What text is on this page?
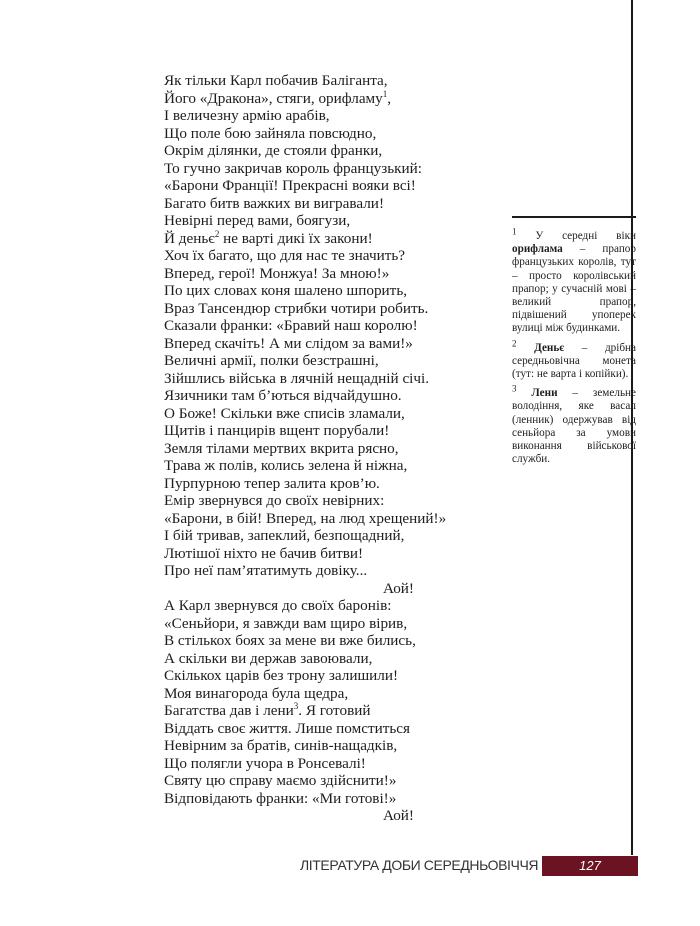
Як тільки Карл побачив Балiганта,
Його «Дракона», стяги, орифламу$^1$,
І величезну армію арабів,
Що поле бою зайняла повсюдно,
Окрім ділянки, де стояли франки,
То гучно закричав король французький:
«Барони Франції! Прекрасні вояки всі!
Багато битв важких ви вигравали!
Невірні перед вами, боягузи,
Й деньє$^2$ не варті дикі їх закони!
Хоч їх багато, що для нас те значить?
Вперед, герої! Монжуа! За мною!»
По цих словах коня шалено шпорить,
Враз Тансендюр стрибки чотири робить.
Сказали франки: «Бравий наш королю!
Вперед скачіть! А ми слідом за вами!»
Величні армії, полки безстрашні,
Зійшлись війська в лячній нещадній січі.
Язичники там б’ються відчайдушно.
О Боже! Скільки вже списів зламали,
Щитів і панцирів вщент порубали!
Земля тілами мертвих вкрита рясно,
Трава ж полів, колись зелена й ніжна,
Пурпурною тепер залита кров’ю.
Емір звернувся до своїх невірних:
«Барони, в бій! Вперед, на люд хрещений!»
І бій тривав, запеклий, безпощадний,
Лютішої ніхто не бачив битви!
Про неї пам’ятатимуть довіку...
Аой!
А Карл звернувся до своїх баронів:
«Сеньйори, я завжди вам щиро вірив,
В стількох боях за мене ви вже бились,
А скільки ви держав завоювали,
Скількох царів без трону залишили!
Моя винагорода була щедра,
Багатства дав і лени$^3$. Я готовий
Віддать своє життя. Лише помститься
Невірним за братів, синів-нащадків,
Що полягли учора в Ронсевалі!
Святу цю справу маємо здійснити!»
Відповідають франки: «Ми готові!»
Аой!
$^1$ У середні віки орифлама – прапор французьких королів, тут – просто королівський прапор; у сучасній мові – великий прапор, підвішений упоперек вулиці між будинками.
$^2$ Деньє – дрібна середньовічна монета (тут: не варта і копійки).
$^3$ Лени – земельне володіння, яке васал (ленник) одержував від сеньйора за умови виконання військової служби.
ЛІТЕРАТУРА ДОБИ СЕРЕДНЬОВІЧЧЯ	127
